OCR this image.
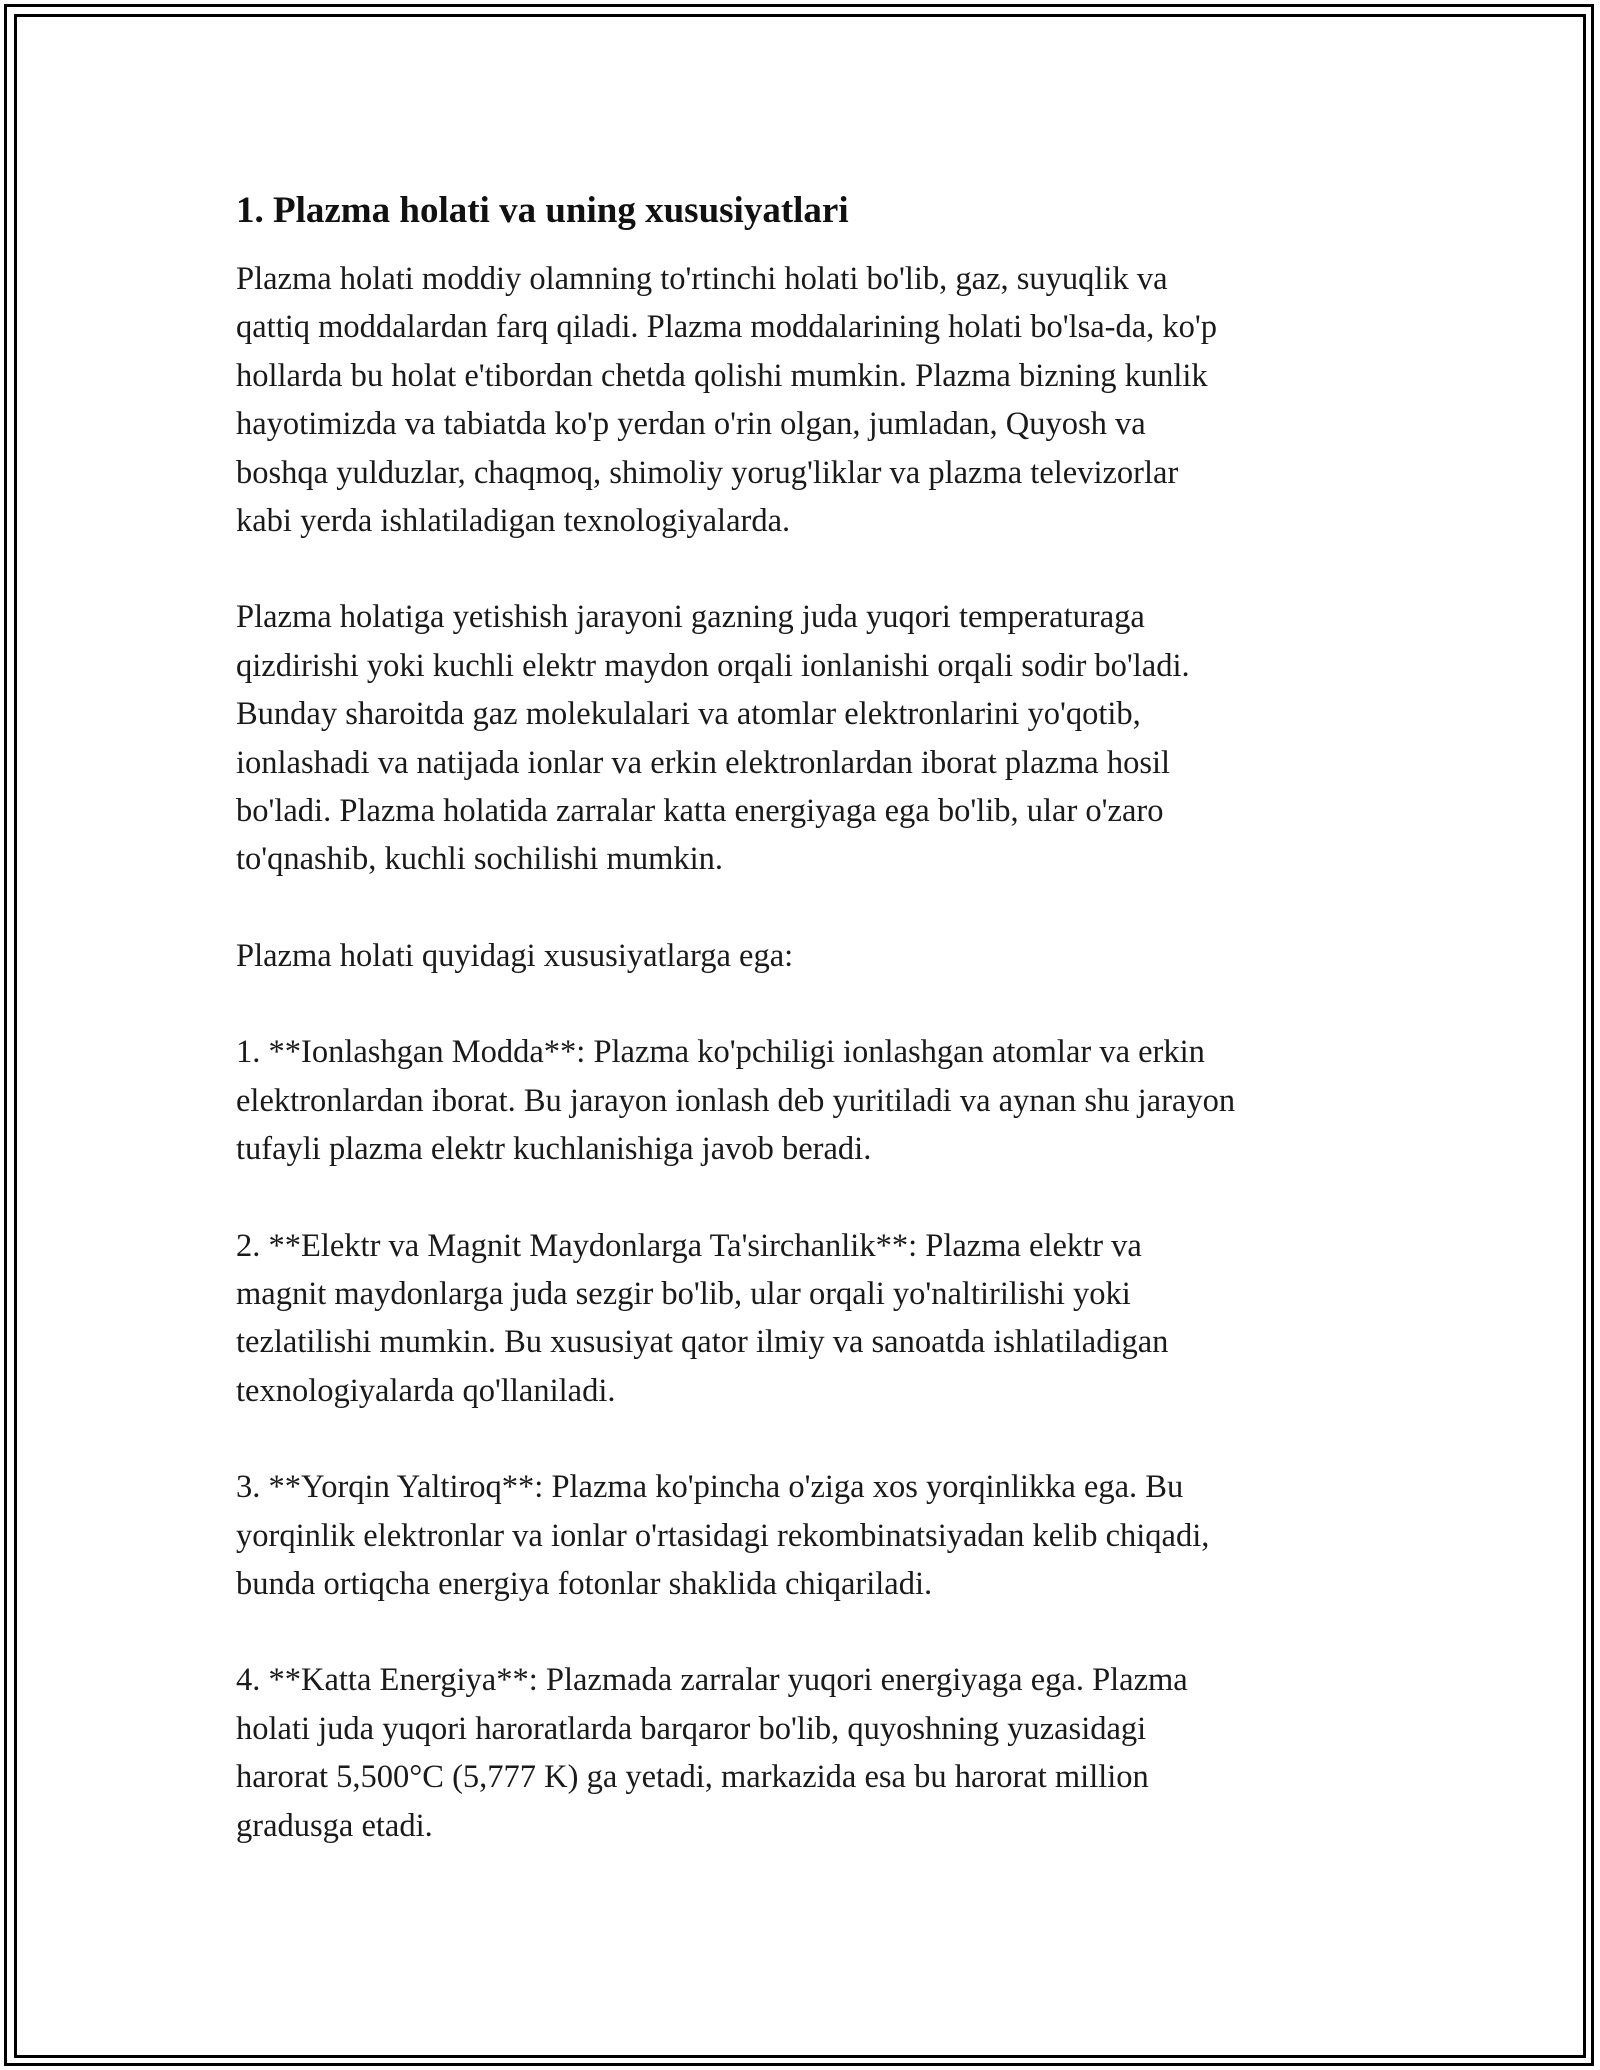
1. Plazma holati va uning xususiyatlari

Plazma holati moddiy olamning to'rtinchi holati bo'lib, gaz, suyuqlik va
qattiq moddalardan farq qiladi. Plazma moddalarining holati bo'lsa-da, ko'p
hollarda bu holat e'tibordan chetda qolishi mumkin. Plazma bizning kunlik
hayotimizda va tabiatda ko'p yerdan o'rin olgan, jumladan, Quyosh va
boshqa yulduzlar, chaqmoq, shimoliy yorug'liklar va plazma televizorlar
kabi yerda ishlatiladigan texnologiyalarda.

Plazma holatiga yetishish jarayoni gazning juda yuqori temperaturaga
qizdirishi yoki kuchli elektr maydon orqali ionlanishi orqali sodir bo'ladi.
Bunday sharoitda gaz molekulalari va atomlar elektronlarini yo'qotib,
ionlashadi va natijada ionlar va erkin elektronlardan iborat plazma hosil
bo'ladi. Plazma holatida zarralar katta energiyaga ega bo'lib, ular o'zaro
to'qnashib, kuchli sochilishi mumkin.

Plazma holati quyidagi xususiyatlarga ega:

1. **Ionlashgan Modda**: Plazma ko'pchiligi ionlashgan atomlar va erkin
elektronlardan iborat. Bu jarayon ionlash deb yuritiladi va aynan shu jarayon
tufayli plazma elektr kuchlanishiga javob beradi.

2. **Elektr va Magnit Maydonlarga Ta'sirchanlik**: Plazma elektr va
magnit maydonlarga juda sezgir bo'lib, ular orqali yo'naltirilishi yoki
tezlatilishi mumkin. Bu xususiyat qator ilmiy va sanoatda ishlatiladigan
texnologiyalarda qo'llaniladi.

3. **Yorqin Yaltiroq**: Plazma ko'pincha o'ziga xos yorqinlikka ega. Bu
yorqinlik elektronlar va ionlar o'rtasidagi rekombinatsiyadan kelib chiqadi,
bunda ortiqcha energiya fotonlar shaklida chiqariladi.

4. **Katta Energiya**: Plazmada zarralar yuqori energiyaga ega. Plazma
holati juda yuqori haroratlarda barqaror bo'lib, quyoshning yuzasidagi
harorat 5,500°C (5,777 K) ga yetadi, markazida esa bu harorat million
gradusga etadi.
